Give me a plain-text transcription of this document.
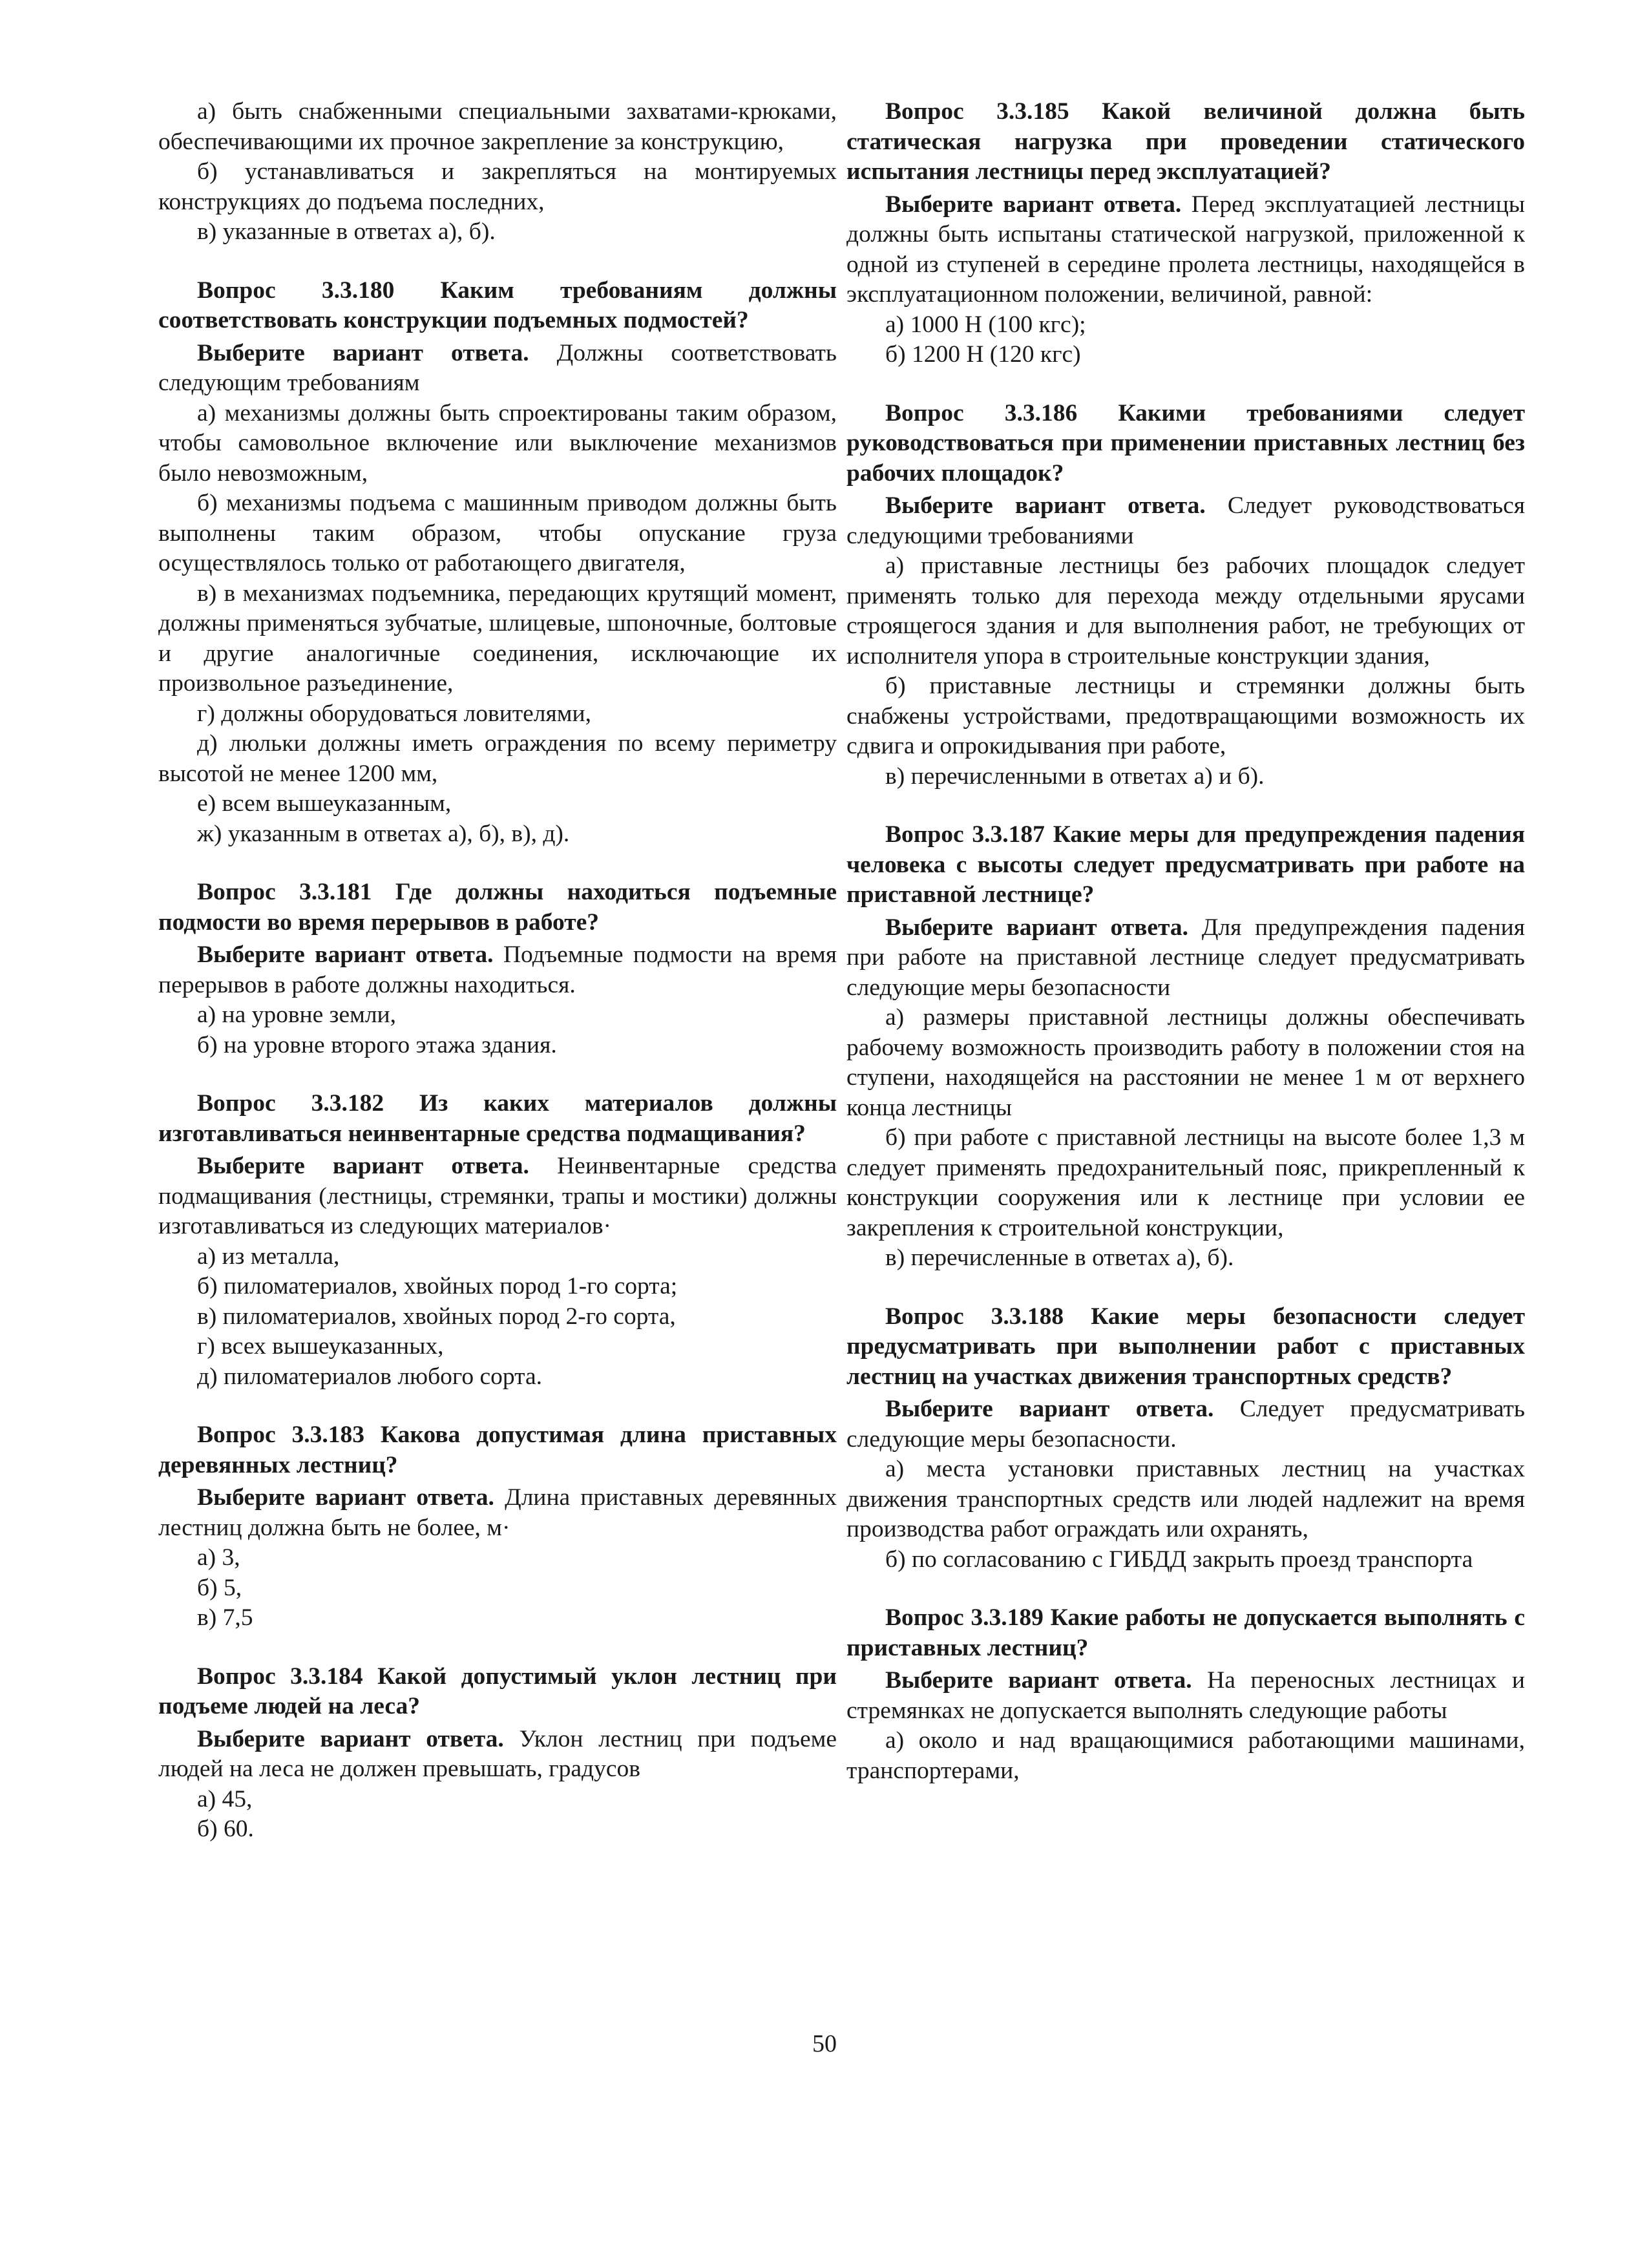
а) быть снабженными специальными захватами-крюками, обеспечивающими их прочное закрепление за конструкцию,

б) устанавливаться и закрепляться на монтируемых конструкциях до подъема последних,

в) указанные в ответах а), б).

Вопрос 3.3.180 Каким требованиям должны соответствовать конструкции подъемных подмостей?

Выберите вариант ответа. Должны соответствовать следующим требованиям

а) механизмы должны быть спроектированы таким образом, чтобы самовольное включение или выключение механизмов было невозможным,

б) механизмы подъема с машинным приводом должны быть выполнены таким образом, чтобы опускание груза осуществлялось только от работающего двигателя,

в) в механизмах подъемника, передающих крутящий момент, должны применяться зубчатые, шлицевые, шпоночные, болтовые и другие аналогичные соединения, исключающие их произвольное разъединение,

г) должны оборудоваться ловителями,

д) люльки должны иметь ограждения по всему периметру высотой не менее 1200 мм,

е) всем вышеуказанным,

ж) указанным в ответах а), б), в), д).

Вопрос 3.3.181 Где должны находиться подъемные подмости во время перерывов в работе?

Выберите вариант ответа. Подъемные подмости на время перерывов в работе должны находиться.

а) на уровне земли,

б) на уровне второго этажа здания.

Вопрос 3.3.182 Из каких материалов должны изготавливаться неинвентарные средства подмащивания?

Выберите вариант ответа. Неинвентарные средства подмащивания (лестницы, стремянки, трапы и мостики) должны изготавливаться из следующих материалов·

а) из металла,

б) пиломатериалов, хвойных пород 1-го сорта;

в) пиломатериалов, хвойных пород 2-го сорта,

г) всех вышеуказанных,

д) пиломатериалов любого сорта.

Вопрос 3.3.183 Какова допустимая длина приставных деревянных лестниц?

Выберите вариант ответа. Длина приставных деревянных лестниц должна быть не более, м·

а) 3,

б) 5,

в) 7,5

Вопрос 3.3.184 Какой допустимый уклон лестниц при подъеме людей на леса?

Выберите вариант ответа. Уклон лестниц при подъеме людей на леса не должен превышать, градусов

а) 45,

б) 60.

Вопрос 3.3.185 Какой величиной должна быть статическая нагрузка при проведении статического испытания лестницы перед эксплуатацией?

Выберите вариант ответа. Перед эксплуатацией лестницы должны быть испытаны статической нагрузкой, приложенной к одной из ступеней в середине пролета лестницы, находящейся в эксплуатационном положении, величиной, равной:

а) 1000 Н (100 кгс);

б) 1200 Н (120 кгс)

Вопрос 3.3.186 Какими требованиями следует руководствоваться при применении приставных лестниц без рабочих площадок?

Выберите вариант ответа. Следует руководствоваться следующими требованиями

а) приставные лестницы без рабочих площадок следует применять только для перехода между отдельными ярусами строящегося здания и для выполнения работ, не требующих от исполнителя упора в строительные конструкции здания,

б) приставные лестницы и стремянки должны быть снабжены устройствами, предотвращающими возможность их сдвига и опрокидывания при работе,

в) перечисленными в ответах а) и б).

Вопрос 3.3.187 Какие меры для предупреждения падения человека с высоты следует предусматривать при работе на приставной лестнице?

Выберите вариант ответа. Для предупреждения падения при работе на приставной лестнице следует предусматривать следующие меры безопасности

а) размеры приставной лестницы должны обеспечивать рабочему возможность производить работу в положении стоя на ступени, находящейся на расстоянии не менее 1 м от верхнего конца лестницы

б) при работе с приставной лестницы на высоте более 1,3 м следует применять предохранительный пояс, прикрепленный к конструкции сооружения или к лестнице при условии ее закрепления к строительной конструкции,

в) перечисленные в ответах а), б).

Вопрос 3.3.188 Какие меры безопасности следует предусматривать при выполнении работ с приставных лестниц на участках движения транспортных средств?

Выберите вариант ответа. Следует предусматривать следующие меры безопасности.

а) места установки приставных лестниц на участках движения транспортных средств или людей надлежит на время производства работ ограждать или охранять,

б) по согласованию с ГИБДД закрыть проезд транспорта

Вопрос 3.3.189 Какие работы не допускается выполнять с приставных лестниц?

Выберите вариант ответа. На переносных лестницах и стремянках не допускается выполнять следующие работы

а) около и над вращающимися работающими машинами, транспортерами,

50
